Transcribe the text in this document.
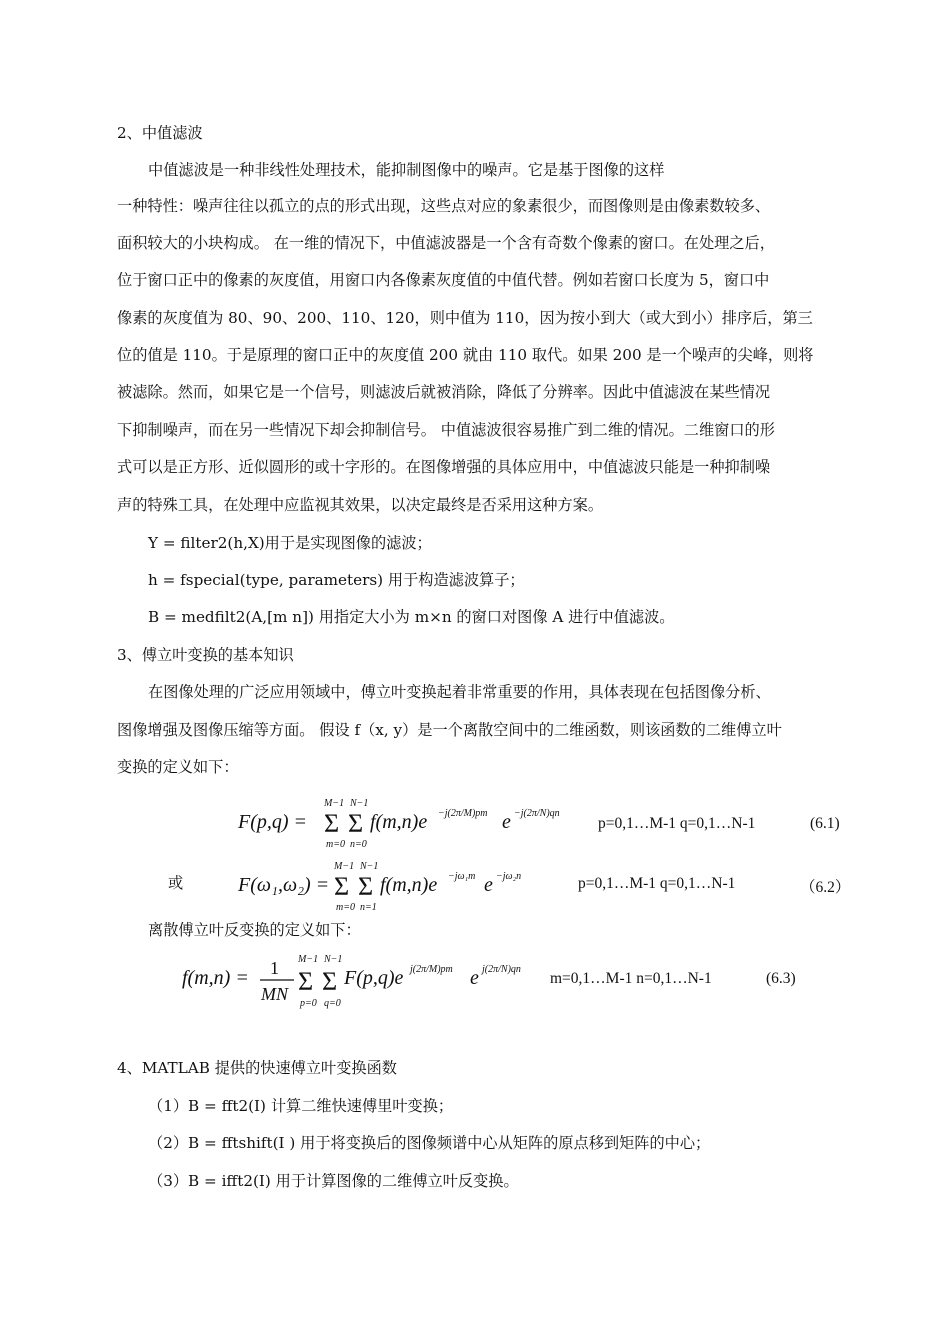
2、中值滤波
中值滤波是一种非线性处理技术，能抑制图像中的噪声。它是基于图像的这样
一种特性：噪声往往以孤立的点的形式出现，这些点对应的象素很少，而图像则是由像素数较多、
面积较大的小块构成。 在一维的情况下，中值滤波器是一个含有奇数个像素的窗口。在处理之后，
位于窗口正中的像素的灰度值，用窗口内各像素灰度值的中值代替。例如若窗口长度为 5，窗口中
像素的灰度值为 80、90、200、110、120，则中值为 110，因为按小到大（或大到小）排序后，第三
位的值是 110。于是原理的窗口正中的灰度值 200 就由 110 取代。如果 200 是一个噪声的尖峰，则将
被滤除。然而，如果它是一个信号，则滤波后就被消除，降低了分辨率。因此中值滤波在某些情况
下抑制噪声，而在另一些情况下却会抑制信号。 中值滤波很容易推广到二维的情况。二维窗口的形
式可以是正方形、近似圆形的或十字形的。在图像增强的具体应用中，中值滤波只能是一种抑制噪
声的特殊工具，在处理中应监视其效果，以决定最终是否采用这种方案。
Y = filter2(h,X)用于是实现图像的滤波；
h = fspecial(type, parameters) 用于构造滤波算子；
B = medfilt2(A,[m n]) 用指定大小为 m×n 的窗口对图像 A 进行中值滤波。
3、傅立叶变换的基本知识
在图像处理的广泛应用领域中，傅立叶变换起着非常重要的作用，具体表现在包括图像分析、
图像增强及图像压缩等方面。 假设 f（x, y）是一个离散空间中的二维函数，则该函数的二维傅立叶
变换的定义如下：
F(p,q) =
M−1
Σ
m=0
N−1
Σ
n=0
f(m,n)e −j(2π/M)pm e −j(2π/N)qn
p=0,1…M-1 q=0,1…N-1	(6.1)
或	F(ω₁,ω₂) =
M−1
Σ
m=0
N−1
Σ
n=1
f(m,n)e −jω₁m e −jω₂n	p=0,1…M-1 q=0,1…N-1	（6.2）
离散傅立叶反变换的定义如下：
f(m,n) = 1
MN
M−1
Σ
p=0
N−1
Σ
q=0
F(p,q)e j(2π/M)pm e j(2π/N)qn
m=0,1…M-1 n=0,1…N-1	(6.3)
4、MATLAB 提供的快速傅立叶变换函数
（1）B = fft2(I) 计算二维快速傅里叶变换；
（2）B = fftshift(I ) 用于将变换后的图像频谱中心从矩阵的原点移到矩阵的中心；
（3）B = ifft2(I) 用于计算图像的二维傅立叶反变换。
